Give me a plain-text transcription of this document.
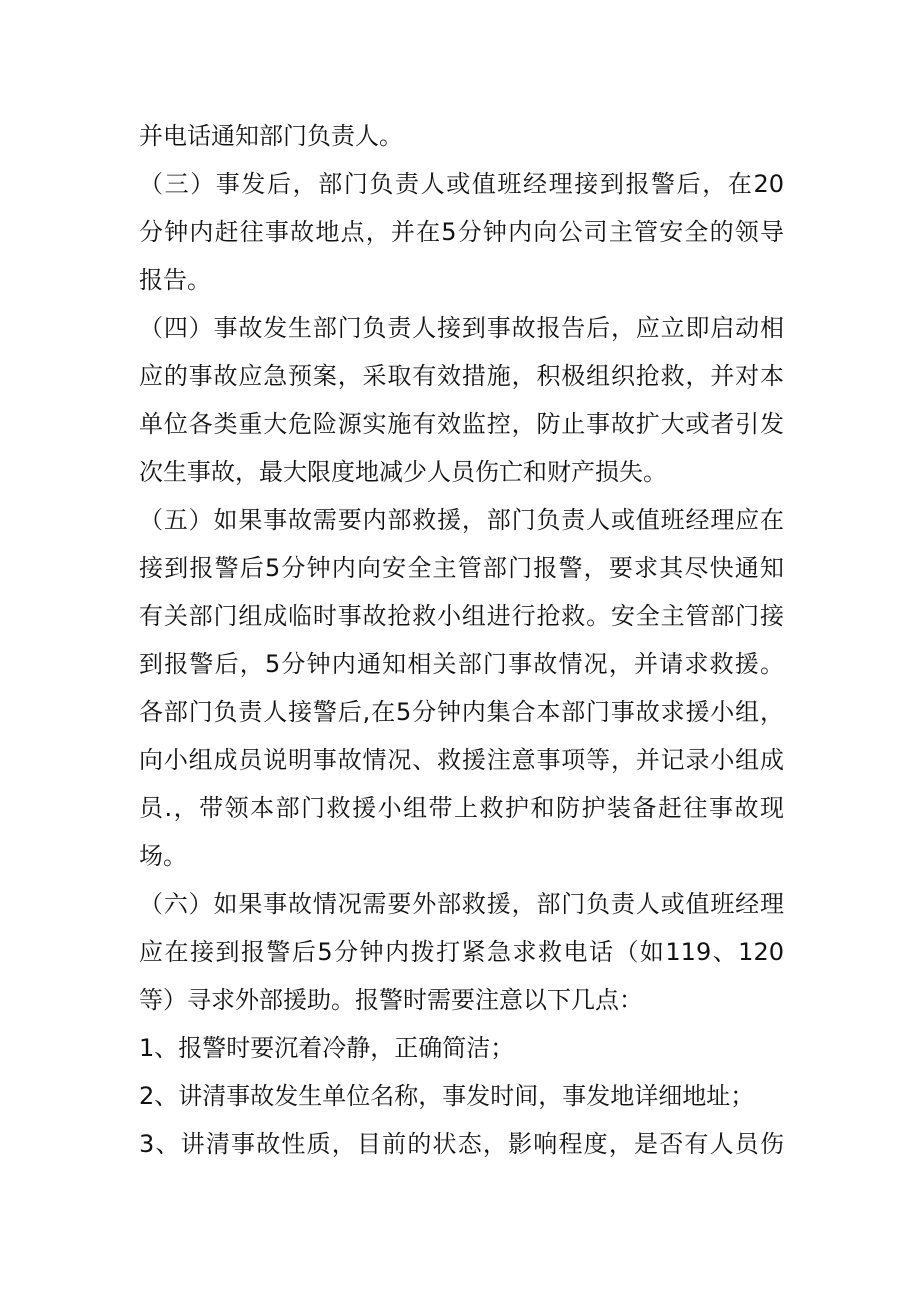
并电话通知部门负责人。
（三）事发后，部门负责人或值班经理接到报警后，在20
分钟内赶往事故地点，并在5分钟内向公司主管安全的领导
报告。
（四）事故发生部门负责人接到事故报告后，应立即启动相
应的事故应急预案，采取有效措施，积极组织抢救，并对本
单位各类重大危险源实施有效监控，防止事故扩大或者引发
次生事故，最大限度地减少人员伤亡和财产损失。
（五）如果事故需要内部救援，部门负责人或值班经理应在
接到报警后5分钟内向安全主管部门报警，要求其尽快通知
有关部门组成临时事故抢救小组进行抢救。安全主管部门接
到报警后，5分钟内通知相关部门事故情况，并请求救援。
各部门负责人接警后,在5分钟内集合本部门事故求援小组，
向小组成员说明事故情况、救援注意事项等，并记录小组成
员.，带领本部门救援小组带上救护和防护装备赶往事故现
场。
（六）如果事故情况需要外部救援，部门负责人或值班经理
应在接到报警后5分钟内拨打紧急求救电话（如119、120
等）寻求外部援助。报警时需要注意以下几点：
1、报警时要沉着冷静，正确简洁；
2、讲清事故发生单位名称，事发时间，事发地详细地址；
3、讲清事故性质，目前的状态，影响程度，是否有人员伤
